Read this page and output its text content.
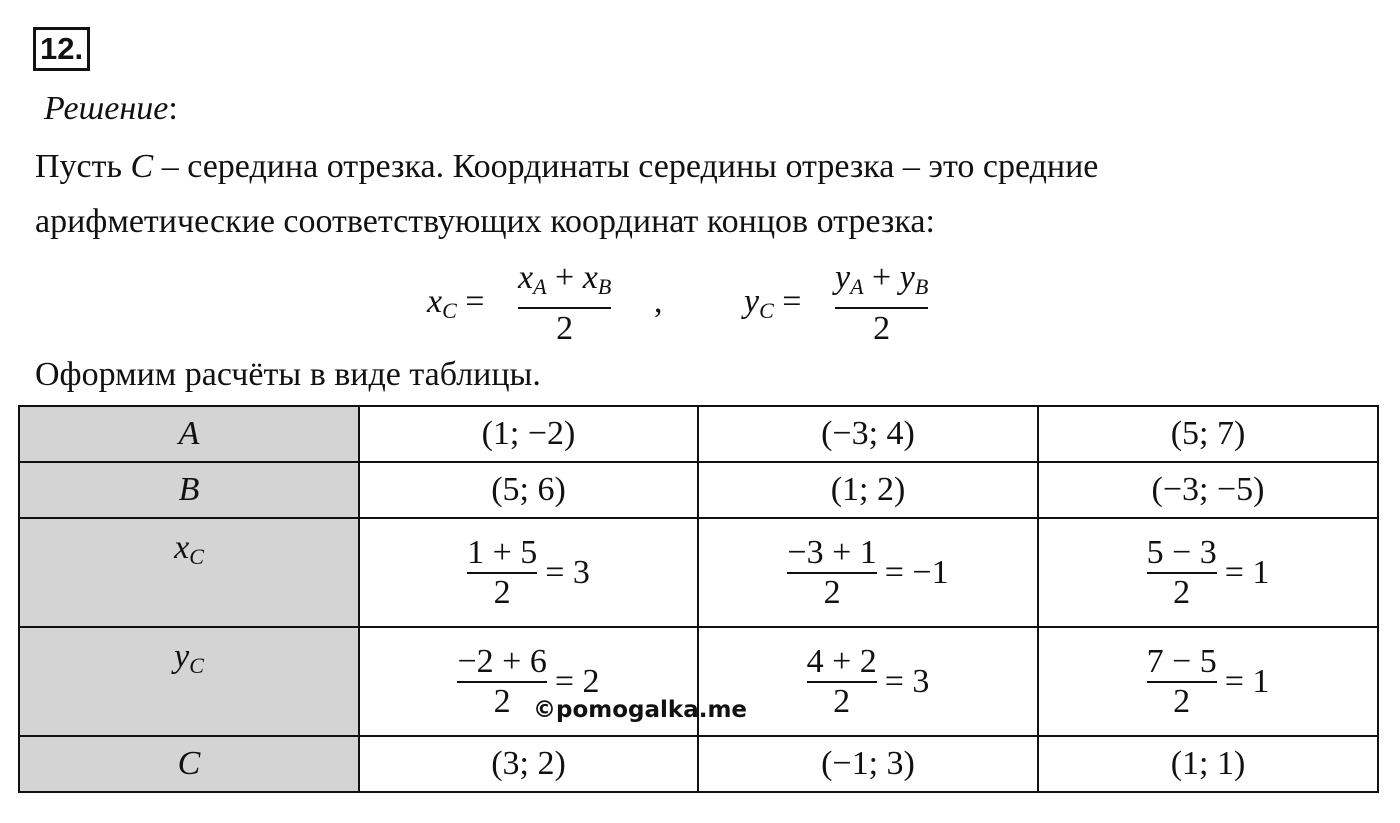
12.
Решение:
Пусть C – середина отрезка. Координаты середины отрезка – это средние
арифметические соответствующих координат концов отрезка:
$x_C$ =
$x_A + x_B$
2
, $y_C$ =
$y_A + y_B$
2
Оформим расчёты в виде таблицы.
A	(1; −2)	(−3; 4)	(5; 7)
B	(5; 6)	(1; 2)	(−3; −5)
$x_C$	1 + 5
2
= 3	−3 + 1
2
= −1	5 − 3
2
= 1

$y_C$	−2 + 6
2
= 2	4 + 2
2
= 3	7 − 5
2
= 1

C	(3; 2)	(−1; 3)	(1; 1)
©pomogalka.me
